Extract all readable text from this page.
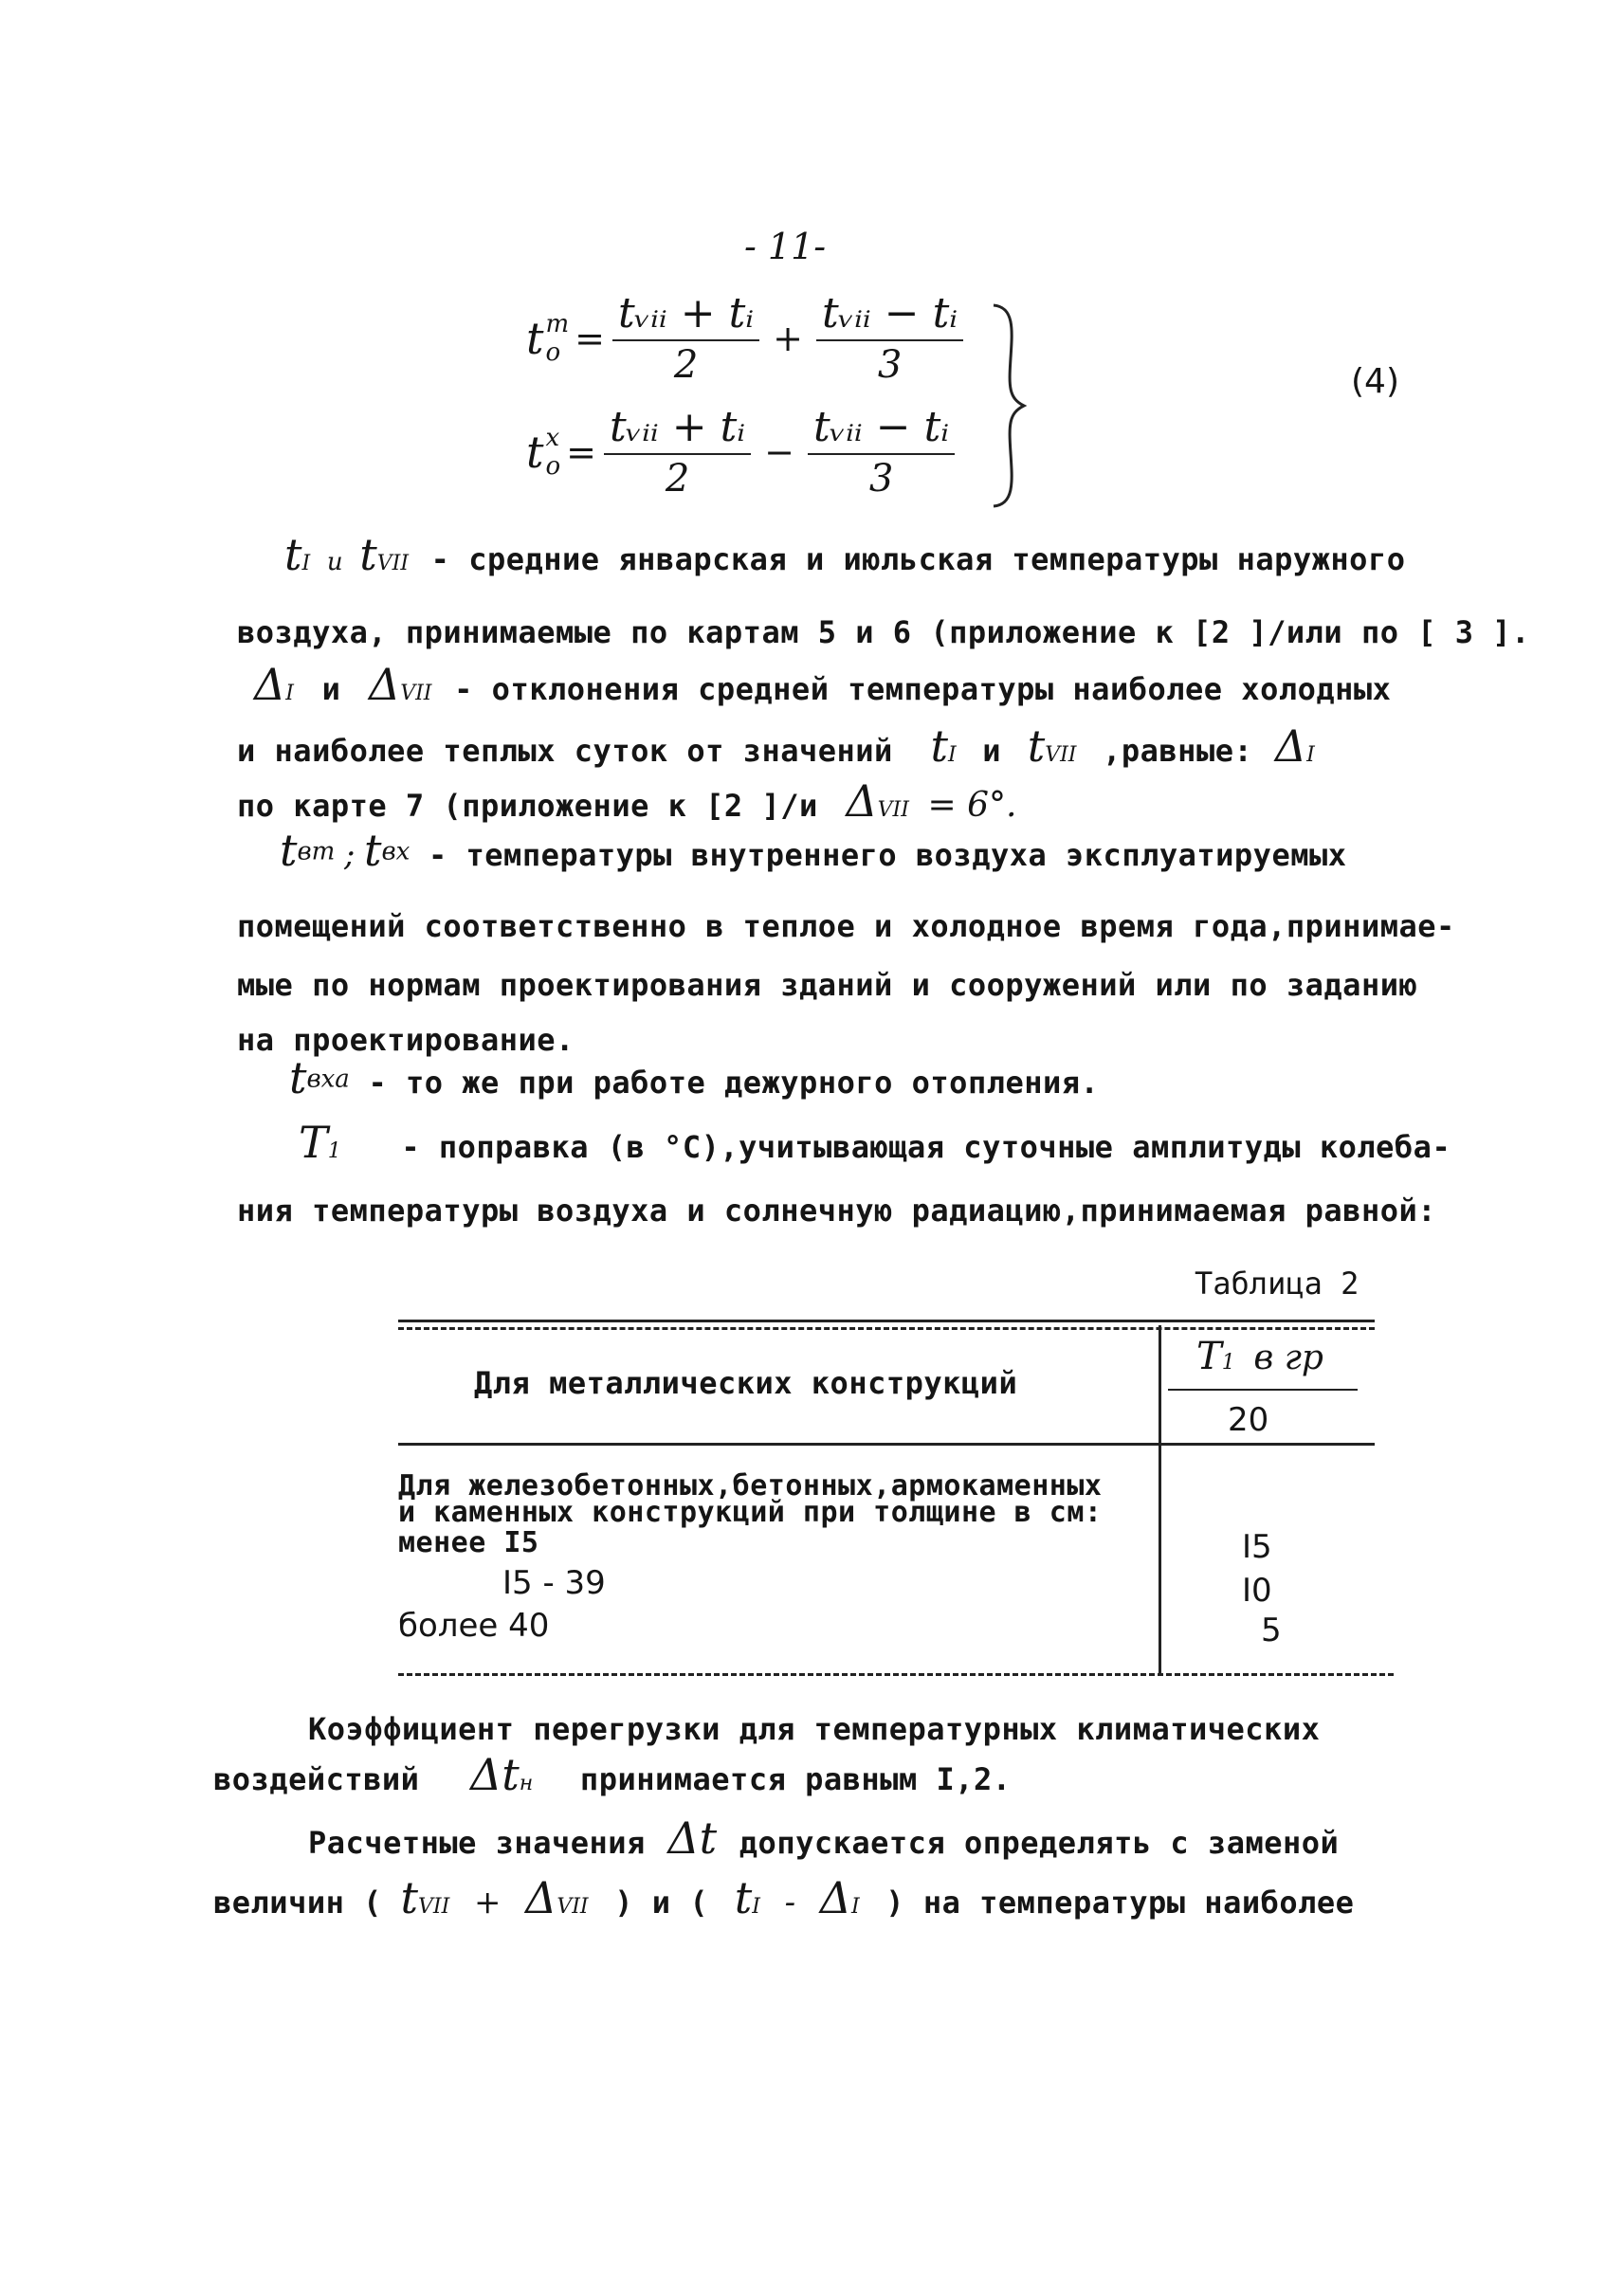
- 11-
t т
$о = \frac{\text{tᵥᵢᵢ + tᵢ}}{2} + \frac{\text{tᵥᵢᵢ − tᵢ}}{3}$
t х
$о = \frac{\text{tᵥᵢᵢ + tᵢ}}{2} - \frac{\text{tᵥᵢᵢ − tᵢ}}{3}$
(4)
tI и tVII - средние январская и июльская температуры наружного
воздуха, принимаемые по картам 5 и 6 (приложение к [2 ]/или по [ 3 ].
ΔI и ΔVII - отклонения средней температуры наиболее холодных
и наиболее теплых суток от значений tI и tVII ,равные: ΔI
по карте 7 (приложение к [2 ]/и ΔVII = 6°.
$t^{вт}$ ; $t^{вх}$ - температуры внутреннего воздуха эксплуатируемых
помещений соответственно в теплое и холодное время года,принимае-
мые по нормам проектирования зданий и сооружений или по заданию
на проектирование.
$t^{вха}$ - то же при работе дежурного отопления.
T1 - поправка (в °С),учитывающая суточные амплитуды колеба-
ния температуры воздуха и солнечную радиацию,принимаемая равной:
Таблица 2
Для металлических конструкций
T1 в гр
20
Для железобетонных,бетонных,армокаменных
и каменных конструкций при толщине в см:
менее I5	I5
I5 - 39	I0
более 40	5
Коэффициент перегрузки для температурных климатических
воздействий Δtн принимается равным I,2.
Расчетные значения Δt допускается определять с заменой
величин ( tVII + ΔVII ) и ( tI - ΔI ) на температуры наиболее
